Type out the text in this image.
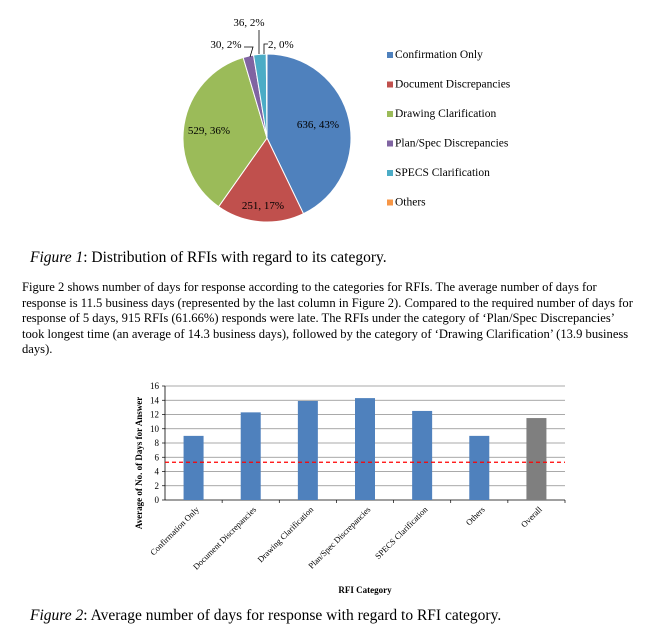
636, 43%
251, 17%
529, 36%
30, 2%
36, 2%
2, 0%
Confirmation Only
Document Discrepancies
Drawing Clarification
Plan/Spec Discrepancies
SPECS Clarification
Others
Figure 1: Distribution of RFIs with regard to its category.
Figure 2 shows number of days for response according to the categories for RFIs. The average number of days for response is 11.5 business days (represented by the last column in Figure 2). Compared to the required number of days for response of 5 days, 915 RFIs (61.66%) responds were late. The RFIs under the category of ‘Plan/Spec Discrepancies’ took longest time (an average of 14.3 business days), followed by the category of ‘Drawing Clarification’ (13.9 business days).
0
2
4
6
8
10
12
14
16
Confirmation Only
Document Discrepancies
Drawing Clarification
Plan/Spec Discrepancies SPECS Clarification	Others	Overall
RFI Category
Average of No. of Days for Answer
Figure 2: Average number of days for response with regard to RFI category.
